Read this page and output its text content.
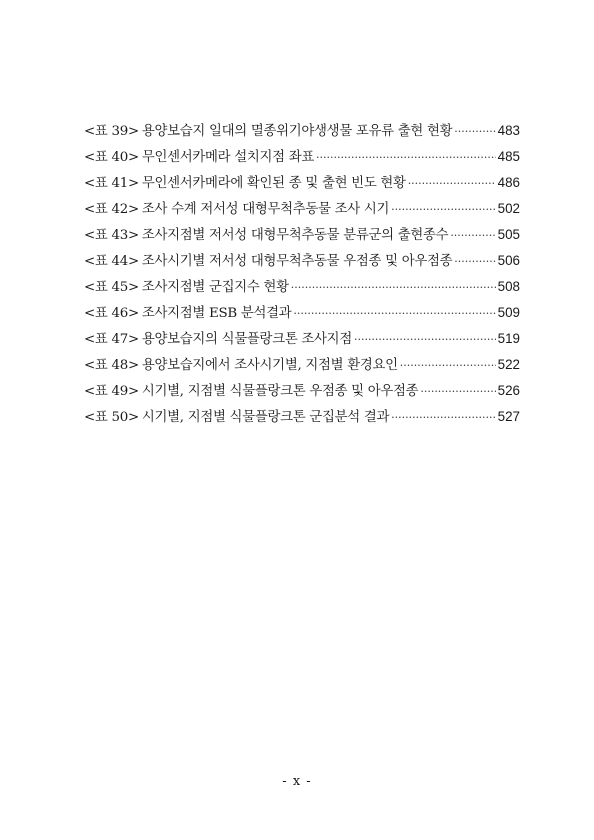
<표 39> 용양보습지 일대의 멸종위기야생생물 포유류 출현 현황 ·····	483
<표 40> 무인센서카메라 설치지점 좌표 ·····	485
<표 41> 무인센서카메라에 확인된 종 및 출현 빈도 현황 ·····	486
<표 42> 조사 수계 저서성 대형무척추동물 조사 시기 ·····	502
<표 43> 조사지점별 저서성 대형무척추동물 분류군의 출현종수 ·····	505
<표 44> 조사시기별 저서성 대형무척추동물 우점종 및 아우점종 ·····	506
<표 45> 조사지점별 군집지수 현황 ·····	508
<표 46> 조사지점별 ESB 분석결과 ·····	509
<표 47> 용양보습지의 식물플랑크톤 조사지점 ·····	519
<표 48> 용양보습지에서 조사시기별, 지점별 환경요인 ·····	522
<표 49> 시기별, 지점별 식물플랑크톤 우점종 및 아우점종 ·····	526
<표 50> 시기별, 지점별 식물플랑크톤 군집분석 결과 ·····	527
- x -
